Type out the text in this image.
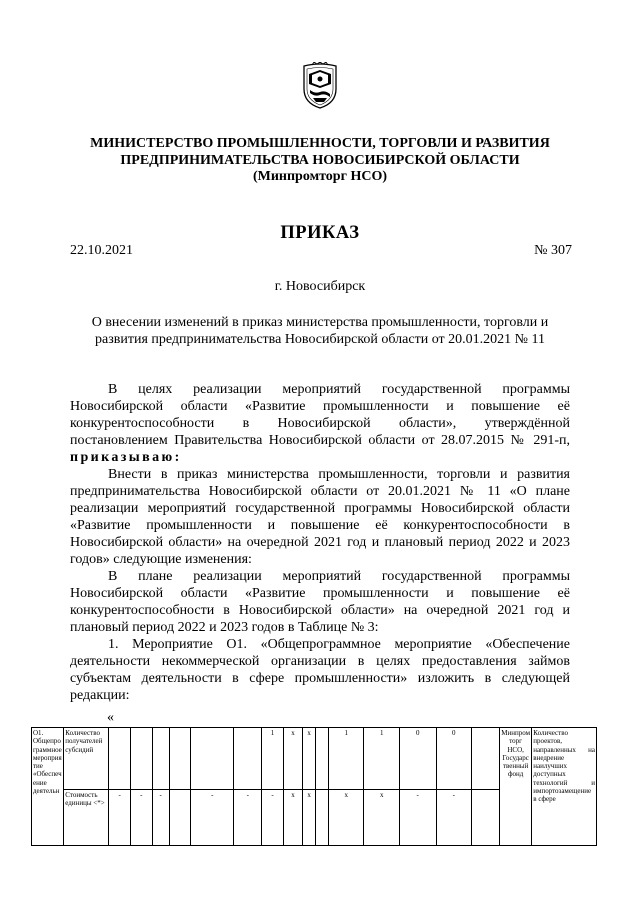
МИНИСТЕРСТВО ПРОМЫШЛЕННОСТИ, ТОРГОВЛИ И РАЗВИТИЯ
ПРЕДПРИНИМАТЕЛЬСТВА НОВОСИБИРСКОЙ ОБЛАСТИ
(Минпромторг НСО)
ПРИКАЗ
22.10.2021	№ 307
г. Новосибирск
О внесении изменений в приказ министерства промышленности, торговли и развития предпринимательства Новосибирской области от 20.01.2021 № 11

В целях реализации мероприятий государственной программы Новосибирской области «Развитие промышленности и повышение её конкурентоспособности в Новосибирской области», утверждённой постановлением Правительства Новосибирской области от 28.07.2015 № 291-п, приказываю:

Внести в приказ министерства промышленности, торговли и развития предпринимательства Новосибирской области от 20.01.2021 № 11 «О плане реализации мероприятий государственной программы Новосибирской области «Развитие промышленности и повышение её конкурентоспособности в Новосибирской области» на очередной 2021 год и плановый период 2022 и 2023 годов» следующие изменения:

В плане реализации мероприятий государственной программы Новосибирской области «Развитие промышленности и повышение её конкурентоспособности в Новосибирской области» на очередной 2021 год и плановый период 2022 и 2023 годов в Таблице № 3:

1. Мероприятие О1. «Общепрограммное мероприятие «Обеспечение деятельности некоммерческой организации в целях предоставления займов субъектам деятельности в сфере промышленности» изложить в следующей редакции:

«
О1. Общепрограммное мероприятие «Обеспечение деятельн	Количество получателей субсидий							1	x	x		1	1	0	0		Минпромторг НСО, Государственный фонд	Количество проектов, направленных на внедрение наилучших доступных технологий и импортозамещение в сфере
	Стоимость единицы <*>	-	-	-		-	-	-	x	x		x	x	-	-			
